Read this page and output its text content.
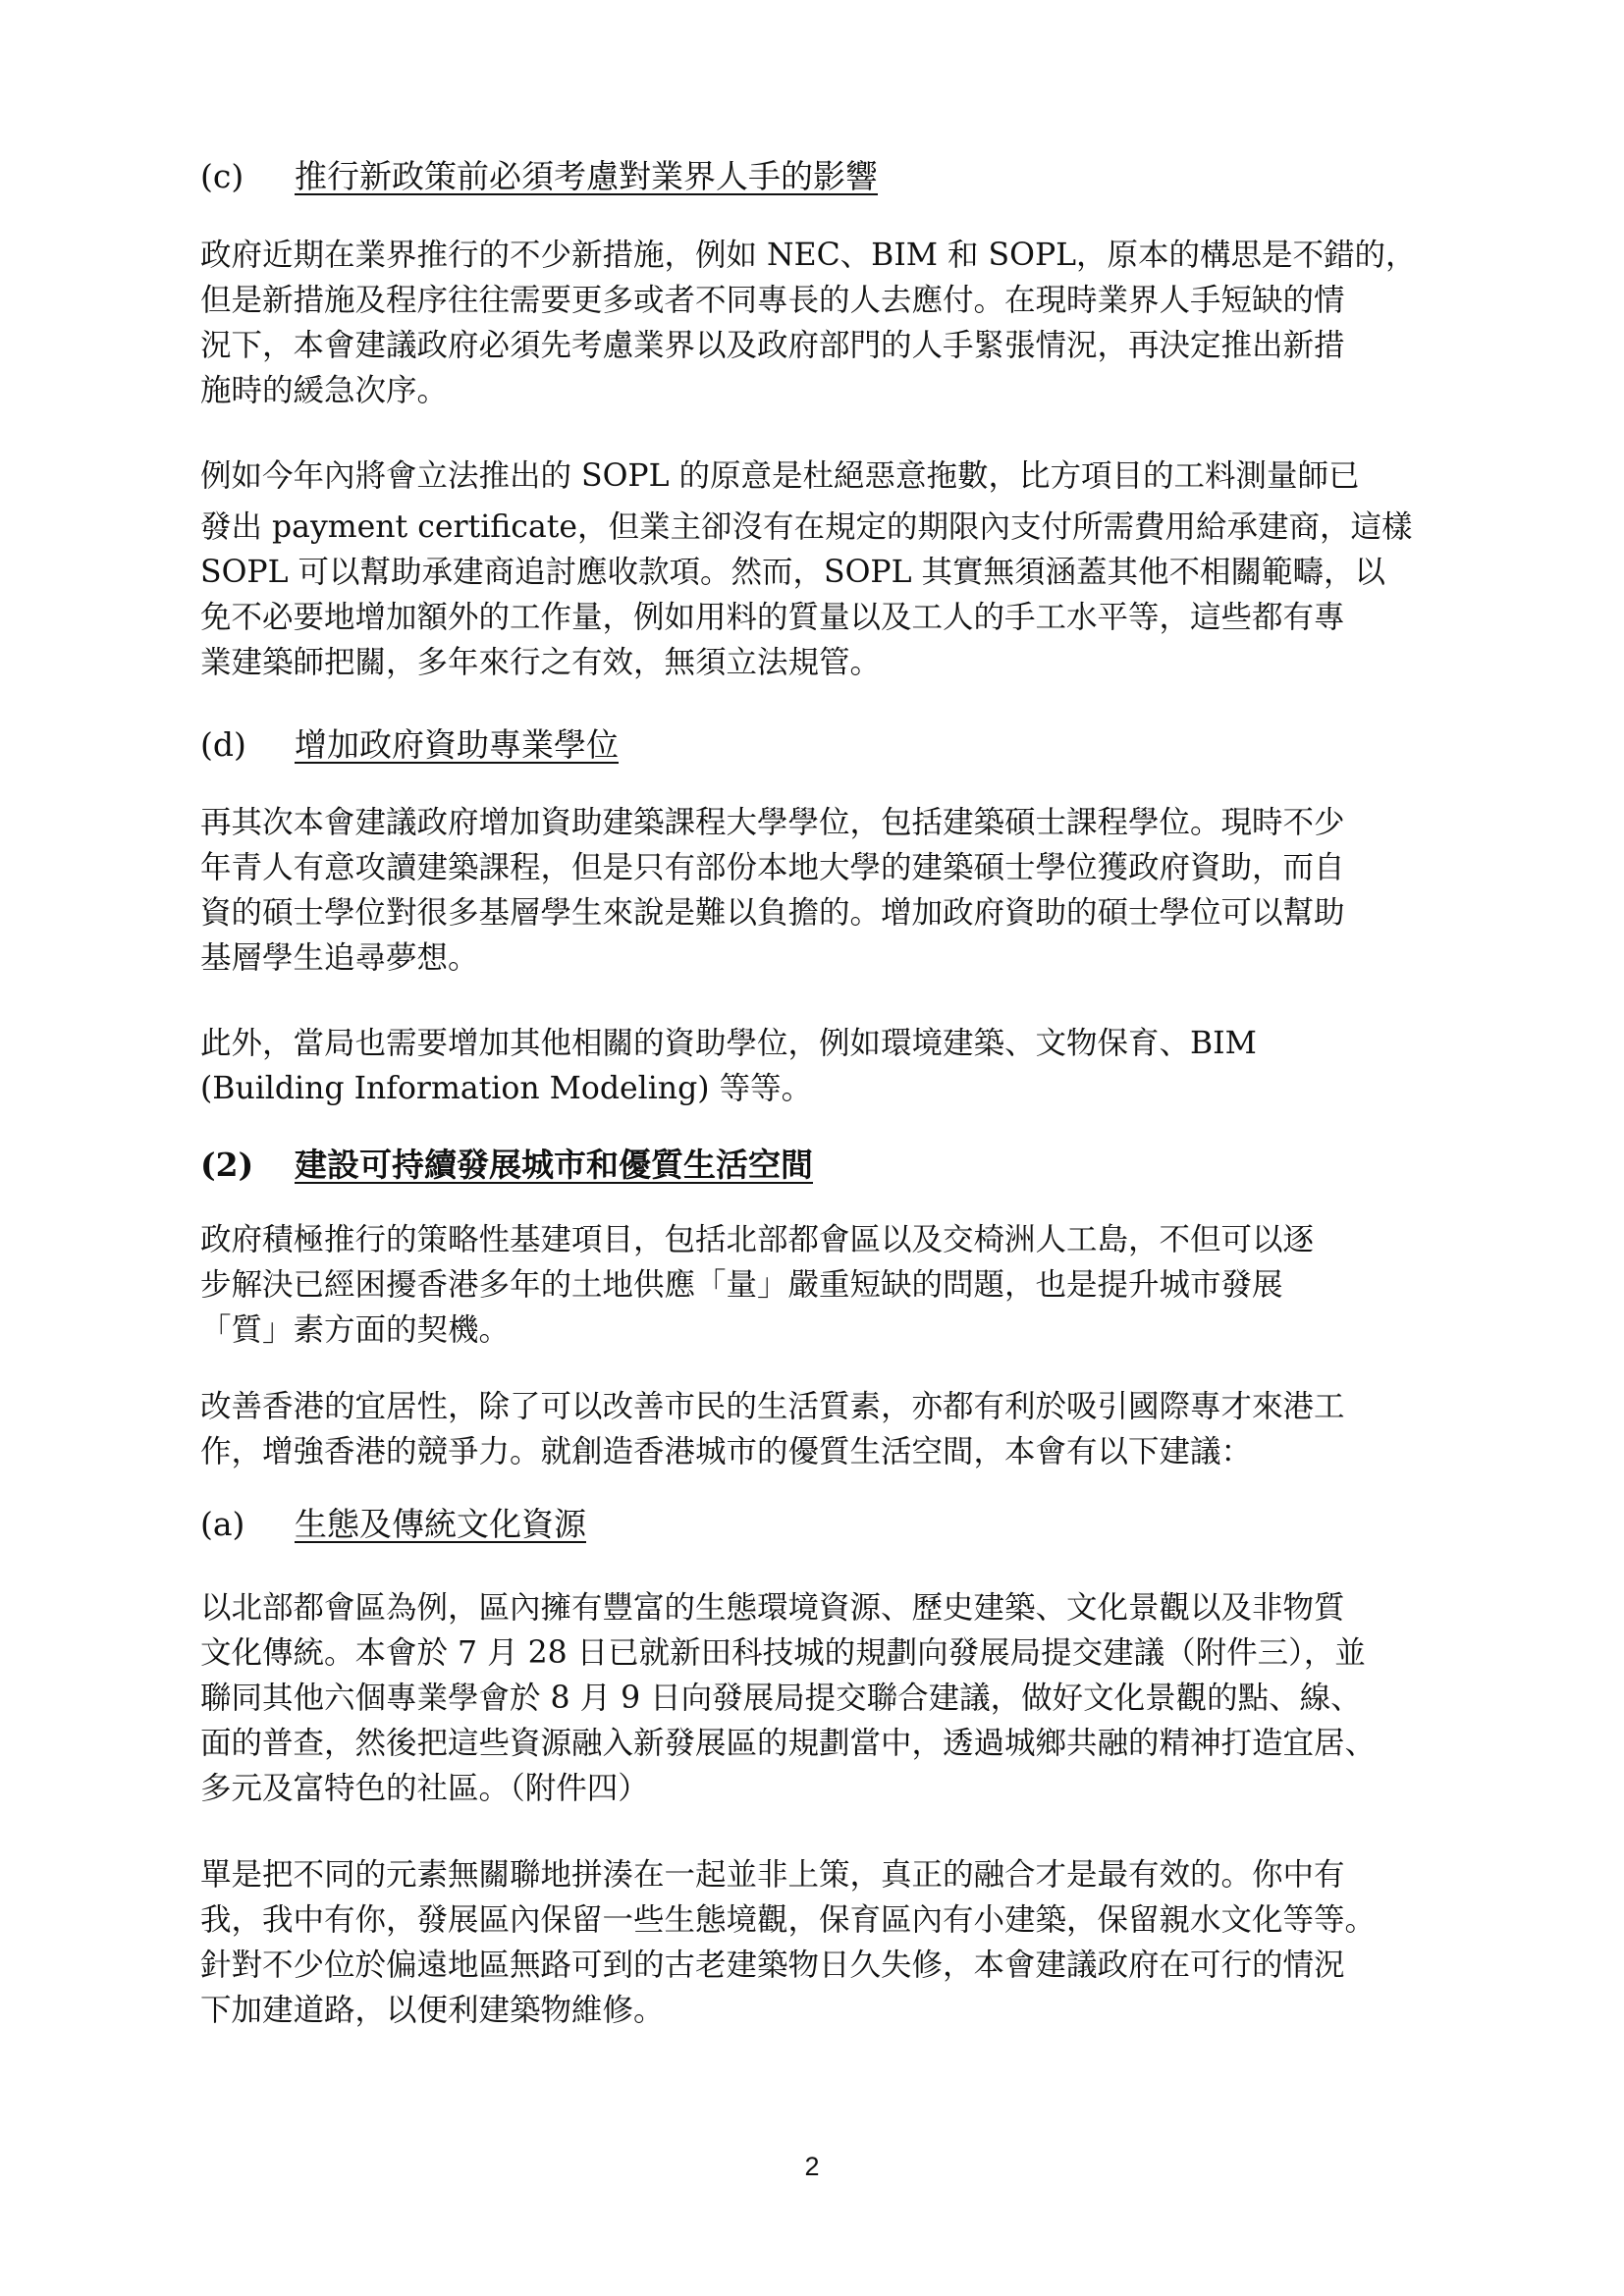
(c) 推行新政策前必須考慮對業界人手的影響
政府近期在業界推行的不少新措施，例如 NEC、BIM 和 SOPL，原本的構思是不錯的，
但是新措施及程序往往需要更多或者不同專長的人去應付。在現時業界人手短缺的情
況下，本會建議政府必須先考慮業界以及政府部門的人手緊張情況，再決定推出新措
施時的緩急次序。
例如今年內將會立法推出的 SOPL 的原意是杜絕惡意拖數，比方項目的工料測量師已
發出 payment certificate，但業主卻沒有在規定的期限內支付所需費用給承建商，這樣
SOPL 可以幫助承建商追討應收款項。然而，SOPL 其實無須涵蓋其他不相關範疇，以
免不必要地增加額外的工作量，例如用料的質量以及工人的手工水平等，這些都有專
業建築師把關，多年來行之有效，無須立法規管。
(d) 增加政府資助專業學位
再其次本會建議政府增加資助建築課程大學學位，包括建築碩士課程學位。現時不少
年青人有意攻讀建築課程，但是只有部份本地大學的建築碩士學位獲政府資助，而自
資的碩士學位對很多基層學生來說是難以負擔的。增加政府資助的碩士學位可以幫助
基層學生追尋夢想。
此外，當局也需要增加其他相關的資助學位，例如環境建築、文物保育、BIM
(Building Information Modeling) 等等。
(2) 建設可持續發展城市和優質生活空間
政府積極推行的策略性基建項目，包括北部都會區以及交椅洲人工島，不但可以逐
步解決已經困擾香港多年的土地供應「量」嚴重短缺的問題，也是提升城市發展
「質」素方面的契機。
改善香港的宜居性，除了可以改善市民的生活質素，亦都有利於吸引國際專才來港工
作，增強香港的競爭力。就創造香港城市的優質生活空間，本會有以下建議：
(a) 生態及傳統文化資源
以北部都會區為例，區內擁有豐富的生態環境資源、歷史建築、文化景觀以及非物質
文化傳統。本會於 7 月 28 日已就新田科技城的規劃向發展局提交建議（附件三），並
聯同其他六個專業學會於 8 月 9 日向發展局提交聯合建議，做好文化景觀的點、線、
面的普查，然後把這些資源融入新發展區的規劃當中，透過城鄉共融的精神打造宜居、
多元及富特色的社區。（附件四）
單是把不同的元素無關聯地拼湊在一起並非上策，真正的融合才是最有效的。你中有
我，我中有你，發展區內保留一些生態境觀，保育區內有小建築，保留親水文化等等。
針對不少位於偏遠地區無路可到的古老建築物日久失修，本會建議政府在可行的情況
下加建道路，以便利建築物維修。
2
